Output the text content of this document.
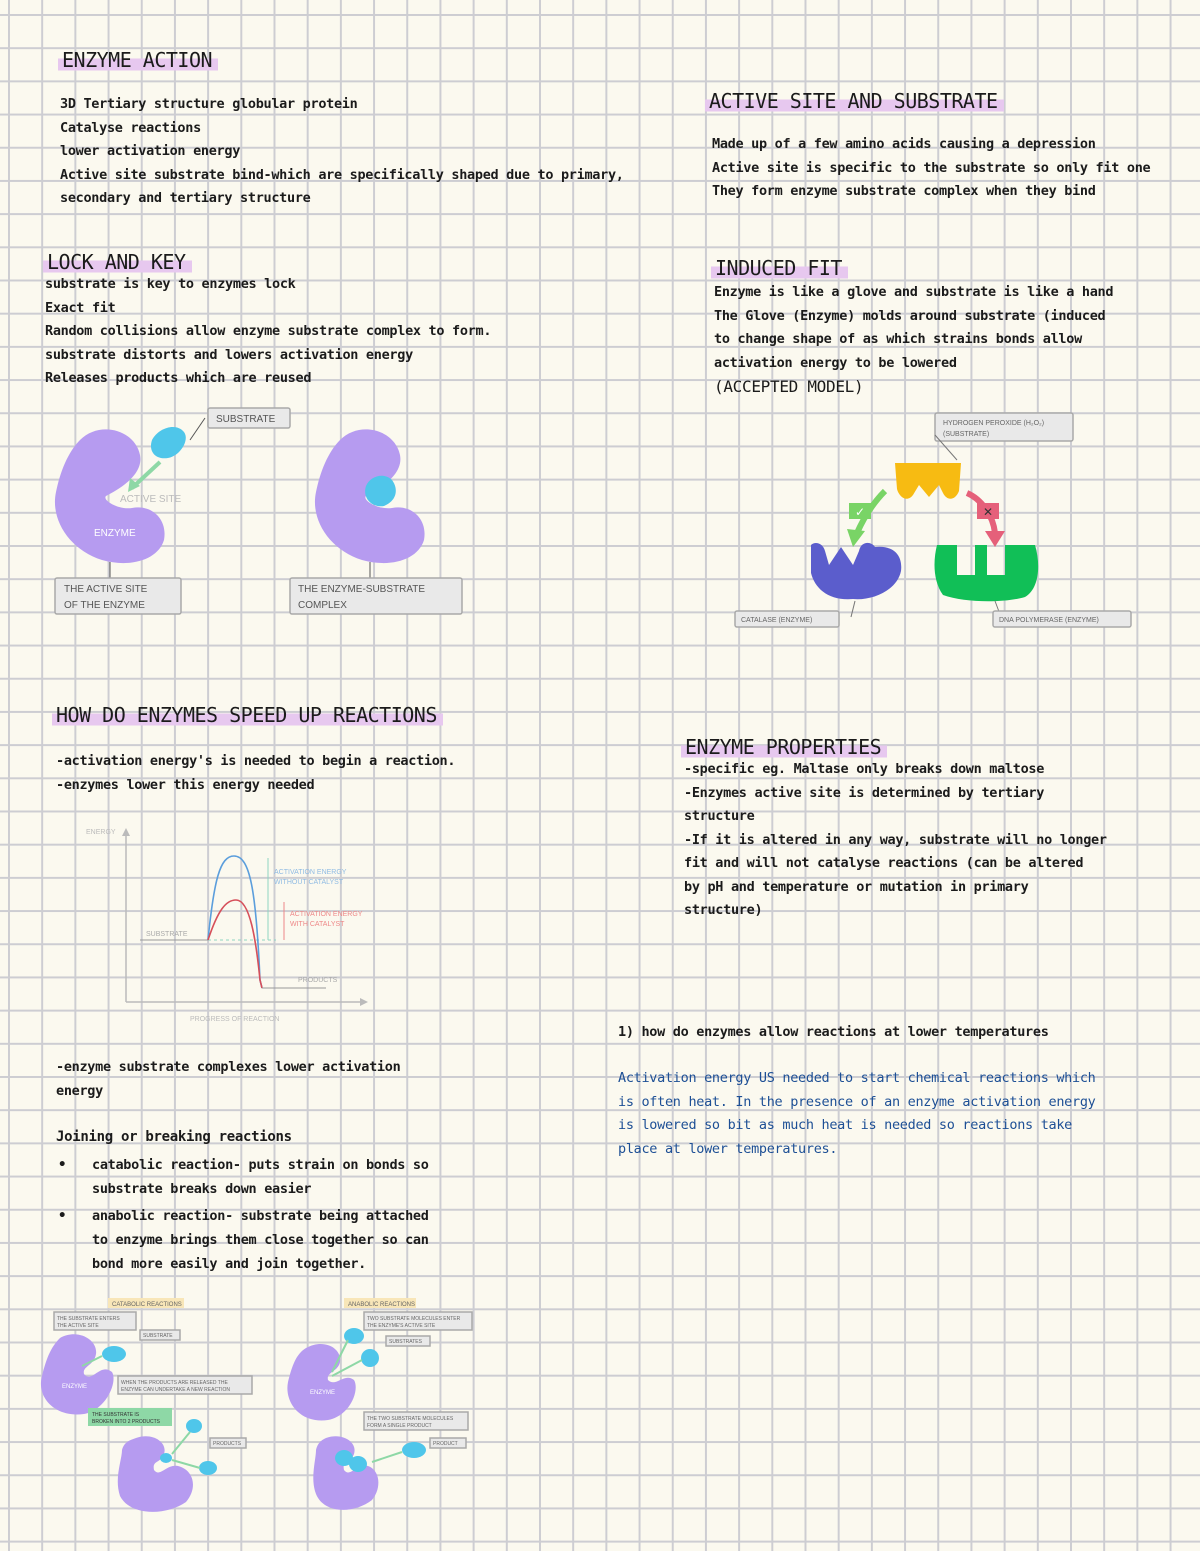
ENZYME ACTION
3D Tertiary structure globular protein
Catalyse reactions
lower activation energy
Active site substrate bind-which are specifically shaped due to primary,
secondary and tertiary structure
LOCK AND KEY
substrate is key to enzymes lock
Exact fit
Random collisions allow enzyme substrate complex to form.
substrate distorts and lowers activation energy
Releases products which are reused
SUBSTRATE
ACTIVE SITE
ENZYME
THE ACTIVE SITE
OF THE ENZYME
THE ENZYME-SUBSTRATE
COMPLEX
ACTIVE SITE AND SUBSTRATE
Made up of a few amino acids causing a depression
Active site is specific to the substrate so only fit one
They form enzyme substrate complex when they bind
INDUCED FIT
Enzyme is like a glove and substrate is like a hand
The Glove (Enzyme) molds around substrate (induced
to change shape of as which strains bonds allow
activation energy to be lowered
(ACCEPTED MODEL)
HYDROGEN PEROXIDE (H₂O₂)
(SUBSTRATE)
✓	✕
CATALASE (ENZYME)	DNA POLYMERASE (ENZYME)
HOW DO ENZYMES SPEED UP REACTIONS
-activation energy's is needed to begin a reaction.
-enzymes lower this energy needed
ENERGY
PROGRESS OF REACTION
SUBSTRATE
PRODUCTS
ACTIVATION ENERGY
WITHOUT CATALYST
ACTIVATION ENERGY
WITH CATALYST
-enzyme substrate complexes lower activation
energy
Joining or breaking reactions
• catabolic reaction- puts strain on bonds so
substrate breaks down easier
• anabolic reaction- substrate being attached
to enzyme brings them close together so can
bond more easily and join together.
CATABOLIC REACTIONS
THE SUBSTRATE ENTERS
THE ACTIVE SITE
SUBSTRATE
ENZYME
WHEN THE PRODUCTS ARE RELEASED THE
ENZYME CAN UNDERTAKE A NEW REACTION
THE SUBSTRATE IS
BROKEN INTO 2 PRODUCTS
PRODUCTS
ANABOLIC REACTIONS
TWO SUBSTRATE MOLECULES ENTER
THE ENZYME'S ACTIVE SITE
SUBSTRATES
ENZYME
THE TWO SUBSTRATE MOLECULES
FORM A SINGLE PRODUCT
PRODUCT
ENZYME PROPERTIES
-specific eg. Maltase only breaks down maltose
-Enzymes active site is determined by tertiary
structure
-If it is altered in any way, substrate will no longer
fit and will not catalyse reactions (can be altered
by pH and temperature or mutation in primary
structure)
1) how do enzymes allow reactions at lower temperatures
Activation energy US needed to start chemical reactions which
is often heat. In the presence of an enzyme activation energy
is lowered so bit as much heat is needed so reactions take
place at lower temperatures.
